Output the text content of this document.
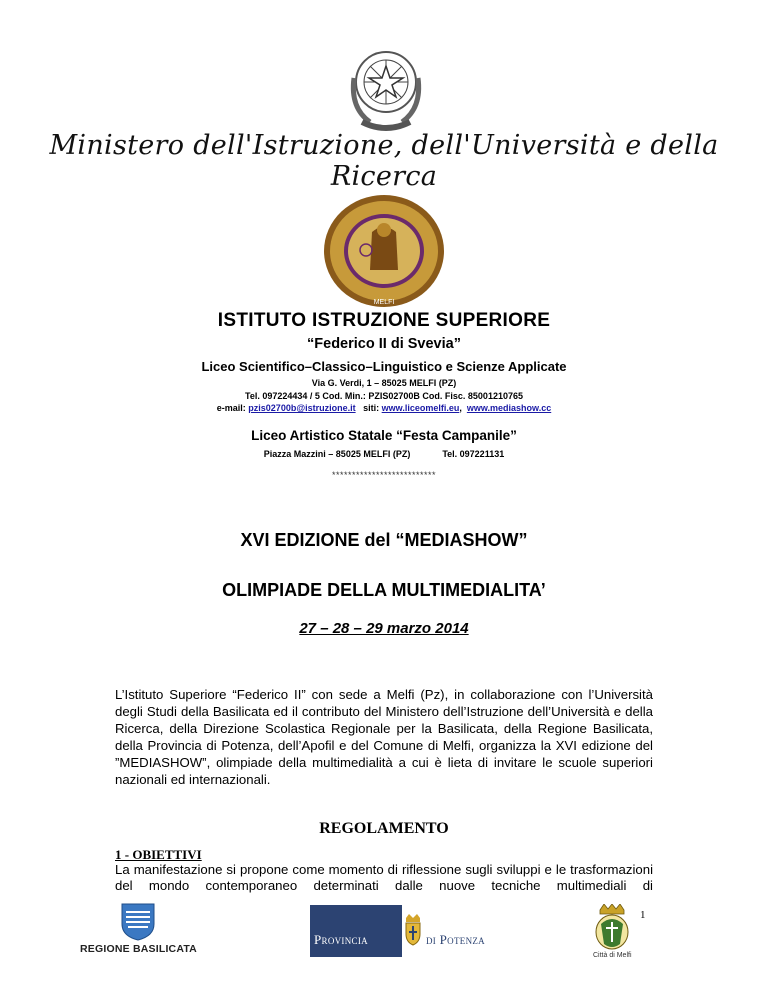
Ministero dell'Istruzione, dell'Università e della Ricerca
MELFI
ISTITUTO ISTRUZIONE SUPERIORE
“Federico II di Svevia”
Liceo Scientifico–Classico–Linguistico e Scienze Applicate
Via G. Verdi, 1 – 85025 MELFI (PZ)
Tel. 097224434 / 5 Cod. Min.: PZIS02700B Cod. Fisc. 85001210765
e-mail: pzis02700b@istruzione.it siti: www.liceomelfi.eu,  www.mediashow.cc
Liceo Artistico Statale “Festa Campanile”
Piazza Mazzini – 85025 MELFI (PZ)	Tel. 097221131
**************************
XVI EDIZIONE del “MEDIASHOW”
OLIMPIADE DELLA MULTIMEDIALITA’
27 – 28 – 29 marzo 2014
L’Istituto Superiore “Federico II” con sede a Melfi (Pz), in collaborazione con l’Università degli Studi della Basilicata ed il contributo del Ministero dell’Istruzione dell’Università e della Ricerca, della Direzione Scolastica Regionale per la Basilicata, della Regione Basilicata, della Provincia di Potenza, dell’Apofil e del Comune di Melfi, organizza la XVI edizione del ”MEDIASHOW”, olimpiade della multimedialità a cui è lieta di invitare le scuole superiori nazionali ed internazionali.
REGOLAMENTO
1 - OBIETTIVI
La manifestazione si propone come momento di riflessione sugli sviluppi e le trasformazioni del mondo contemporaneo determinati dalle nuove tecniche multimediali di
1
REGIONE BASILICATA
Provincia	di Potenza
Città di Melfi
